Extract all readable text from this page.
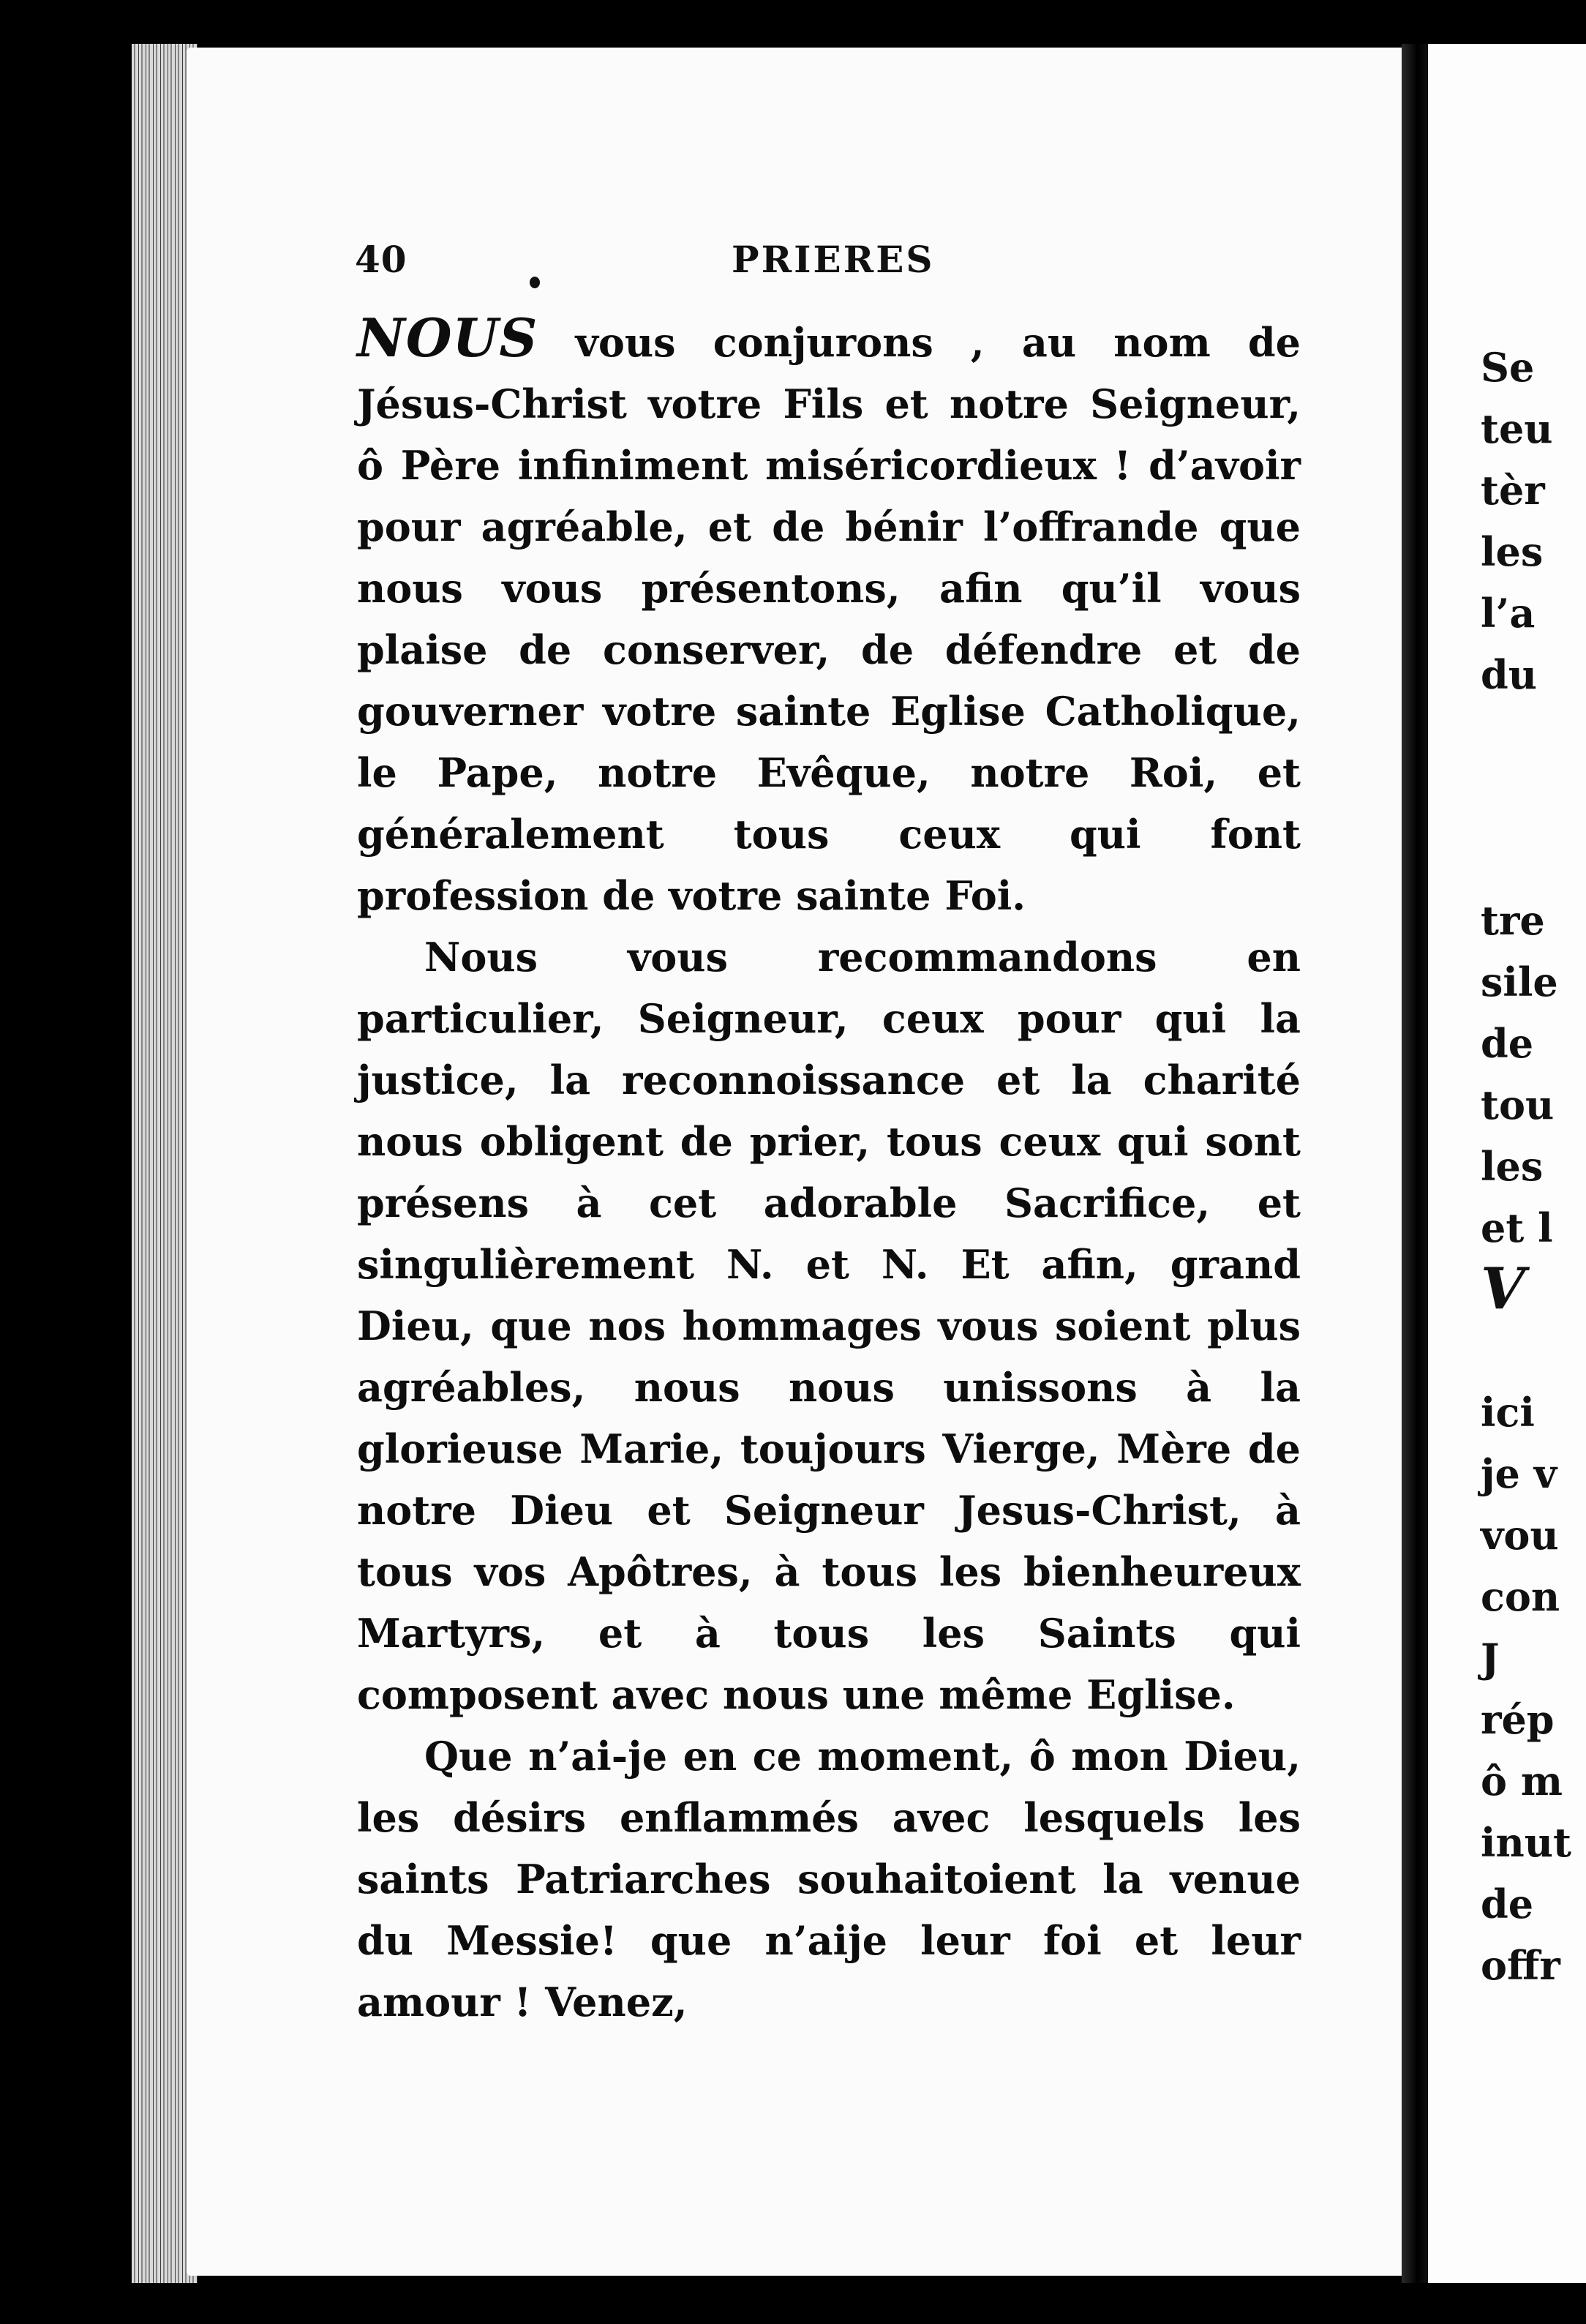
40	PRIERES

NOUS vous conjurons , au nom de Jésus-Christ votre Fils et notre Seigneur, ô Père infiniment miséricordieux ! d’avoir pour agréable, et de bénir l’offrande que nous vous présentons, afin qu’il vous plaise de conserver, de défendre et de gouverner votre sainte Eglise Catholique, le Pape, notre Evêque, notre Roi, et généralement tous ceux qui font profession de votre sainte Foi.

Nous vous recommandons en particulier, Seigneur, ceux pour qui la justice, la reconnoissance et la charité nous obligent de prier, tous ceux qui sont présens à cet adorable Sacrifice, et singulièrement N. et N. Et afin, grand Dieu, que nos hommages vous soient plus agréables, nous nous unissons à la glorieuse Marie, toujours Vierge, Mère de notre Dieu et Seigneur Jesus-Christ, à tous vos Apôtres, à tous les bienheureux Martyrs, et à tous les Saints qui composent avec nous une même Eglise.

Que n’ai-je en ce moment, ô mon Dieu, les désirs enflammés avec lesquels les saints Patriarches souhaitoient la venue du Messie! que n’aije leur foi et leur amour ! Venez,

Se
teu
tèr
les
l’a
du

tre
sile
de
tou
les
et l
V

ici
je v
vou
con
J
rép
ô m
inut
de
offr
